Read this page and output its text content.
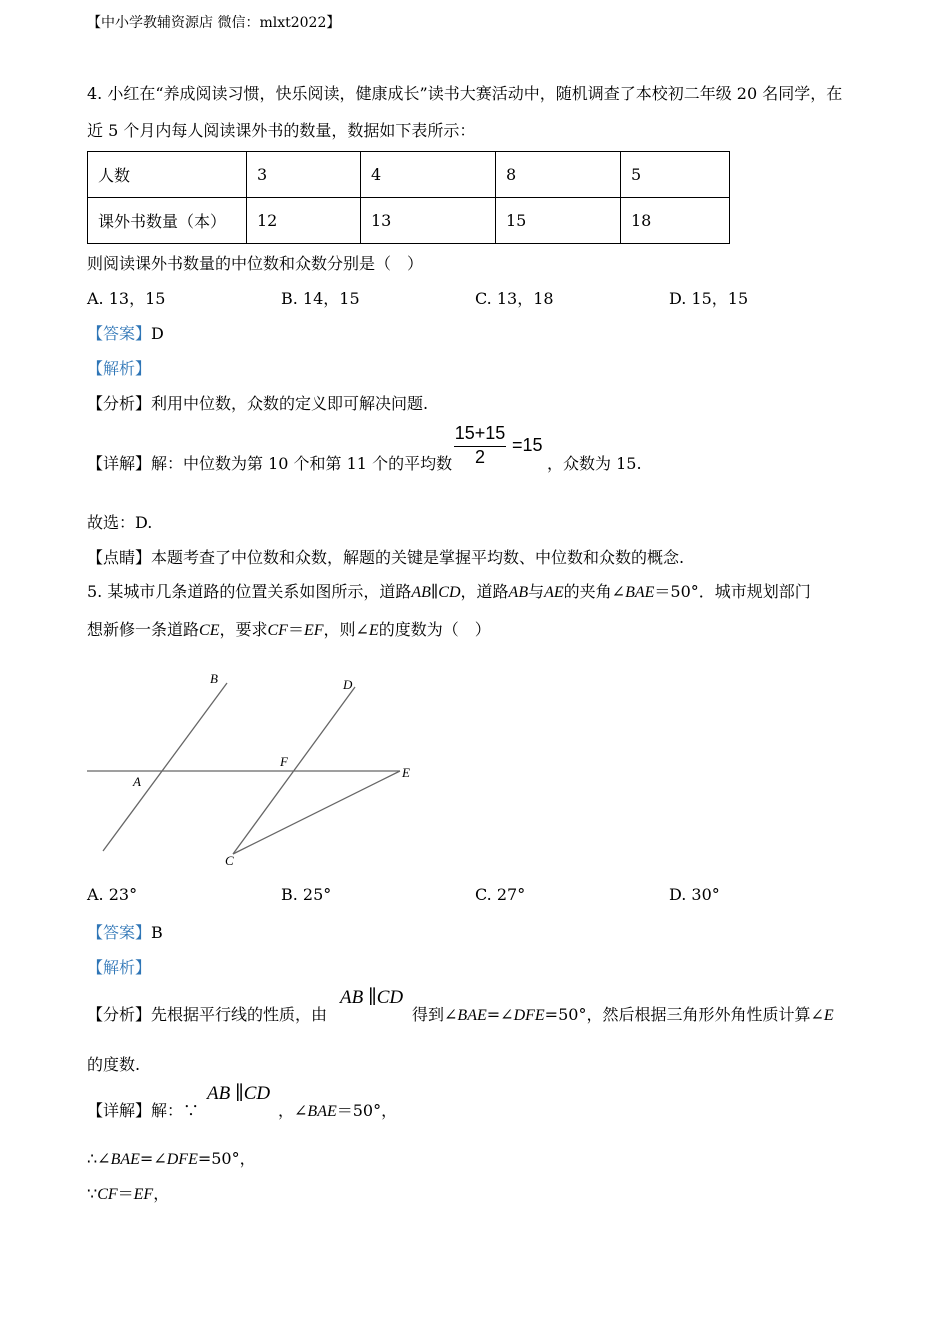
【中小学教辅资源店 微信：mlxt2022】
4. 小红在“养成阅读习惯，快乐阅读，健康成长”读书大赛活动中，随机调查了本校初二年级 20 名同学，在
近 5 个月内每人阅读课外书的数量，数据如下表所示：
人数	3	4	8	5
课外书数量（本）	12	13	15	18
则阅读课外书数量的中位数和众数分别是（　）
A. 13，15	B. 14，15	C. 13，18	D. 15，15
【答案】D
【解析】
【分析】利用中位数，众数的定义即可解决问题.
【详解】解：中位数为第 10 个和第 11 个的平均数
15+15
2
=15
，众数为 15.
故选：D.
【点睛】本题考查了中位数和众数，解题的关键是掌握平均数、中位数和众数的概念.
5. 某城市几条道路的位置关系如图所示，道路AB∥CD，道路AB与AE的夹角∠BAE＝50°．城市规划部门
想新修一条道路CE，要求CF＝EF，则∠E的度数为（　）
B	D
F
E
A
C
A. 23°	B. 25°	C. 27°	D. 30°
【答案】B
【解析】
【分析】先根据平行线的性质，由
AB ∥CD
得到∠BAE=∠DFE=50°，然后根据三角形外角性质计算∠E
的度数.
【详解】解：∵
AB ∥CD
，∠BAE＝50°，
∴∠BAE=∠DFE=50°，
∵CF＝EF，
